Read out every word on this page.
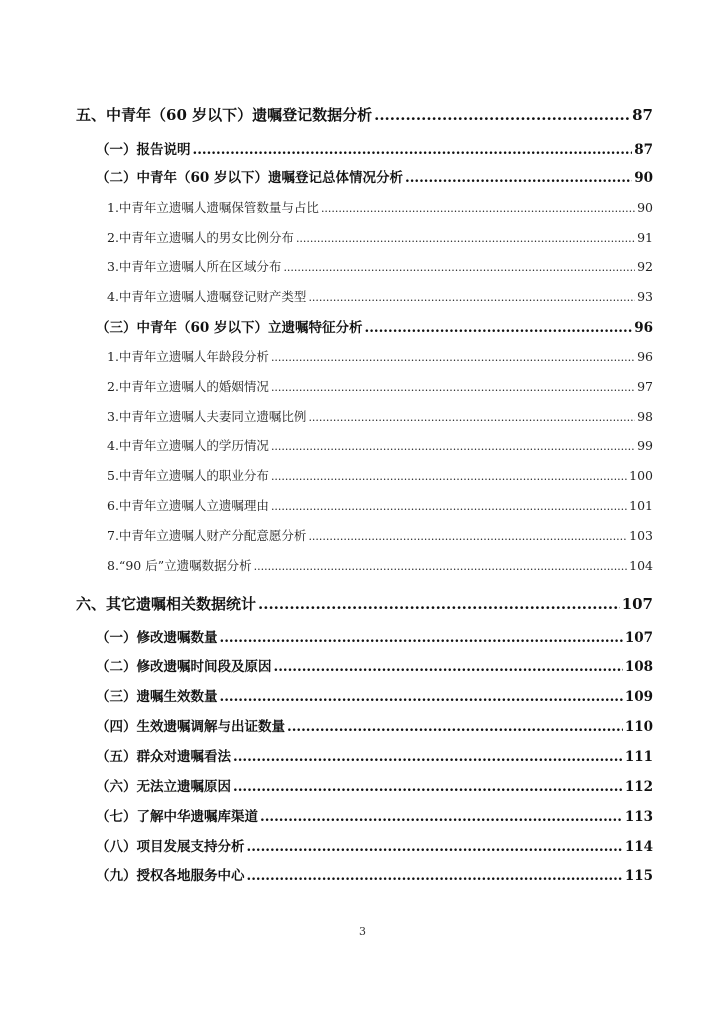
五、中青年（60 岁以下）遗嘱登记数据分析 .....	87
（一）报告说明 .....	87
（二）中青年（60 岁以下）遗嘱登记总体情况分析 .....	90
1.中青年立遗嘱人遗嘱保管数量与占比 .....	90
2.中青年立遗嘱人的男女比例分布 .....	91
3.中青年立遗嘱人所在区域分布 .....	92
4.中青年立遗嘱人遗嘱登记财产类型 .....	93
（三）中青年（60 岁以下）立遗嘱特征分析 .....	96
1.中青年立遗嘱人年龄段分析 .....	96
2.中青年立遗嘱人的婚姻情况 .....	97
3.中青年立遗嘱人夫妻同立遗嘱比例 .....	98
4.中青年立遗嘱人的学历情况 .....	99
5.中青年立遗嘱人的职业分布 .....	100
6.中青年立遗嘱人立遗嘱理由 .....	101
7.中青年立遗嘱人财产分配意愿分析 .....	103
8.“90 后”立遗嘱数据分析 .....	104
六、其它遗嘱相关数据统计 .....	107
（一）修改遗嘱数量 .....	107
（二）修改遗嘱时间段及原因 .....	108
（三）遗嘱生效数量 .....	109
（四）生效遗嘱调解与出证数量 .....	110
（五）群众对遗嘱看法 .....	111
（六）无法立遗嘱原因 .....	112
（七）了解中华遗嘱库渠道 .....	113
（八）项目发展支持分析 .....	114
（九）授权各地服务中心 .....	115
3
